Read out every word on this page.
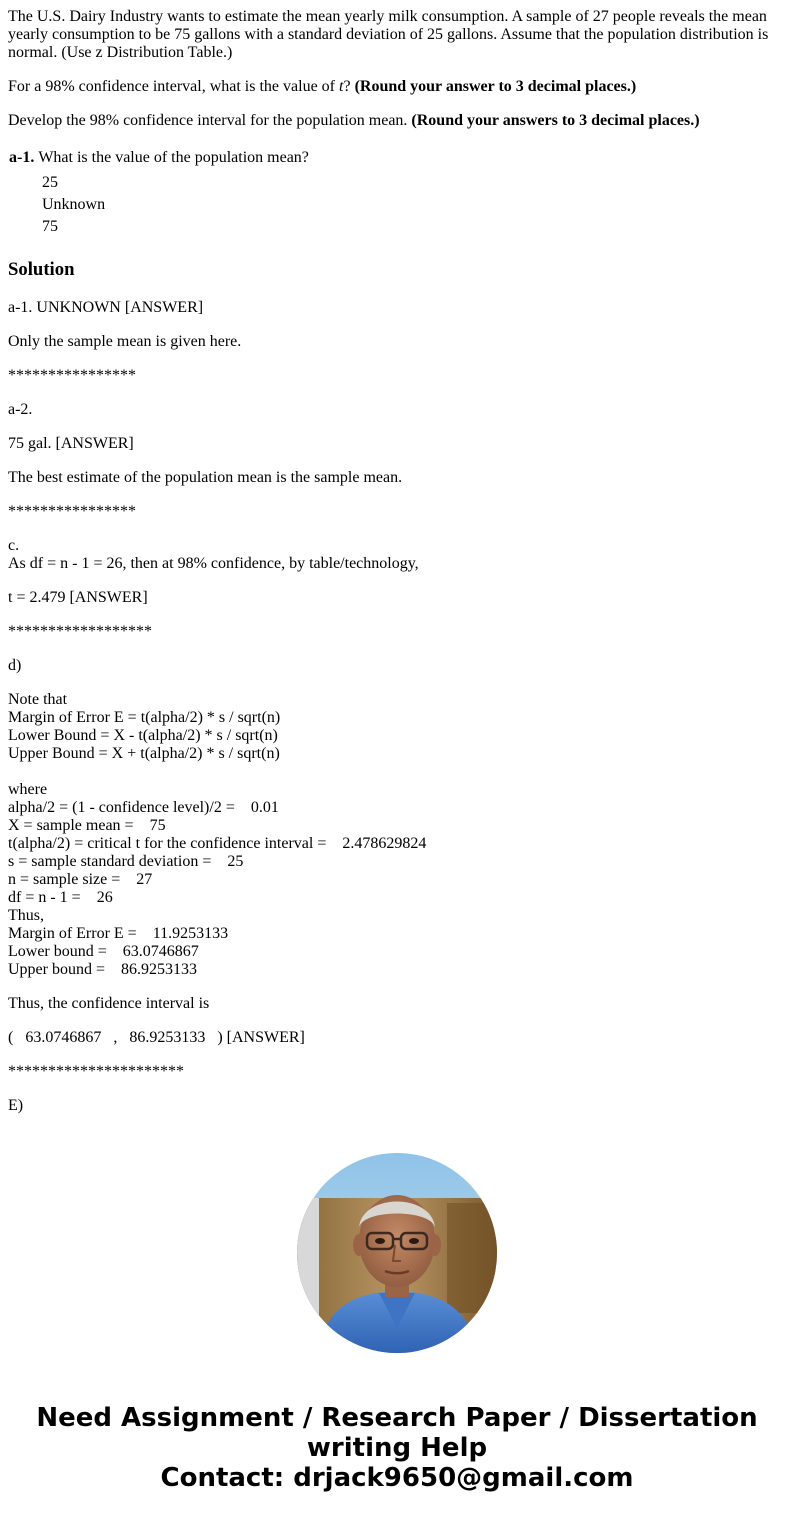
The U.S. Dairy Industry wants to estimate the mean yearly milk consumption. A sample of 27 people reveals the mean yearly consumption to be 75 gallons with a standard deviation of 25 gallons. Assume that the population distribution is normal. (Use z Distribution Table.)

For a 98% confidence interval, what is the value of t? (Round your answer to 3 decimal places.)

Develop the 98% confidence interval for the population mean. (Round your answers to 3 decimal places.)

a-1.	What is the value of the population mean?
25
Unknown
75
Solution

a-1. UNKNOWN [ANSWER]

Only the sample mean is given here.

****************

a-2.

75 gal. [ANSWER]

The best estimate of the population mean is the sample mean.

****************

c.
As df = n - 1 = 26, then at 98% confidence, by table/technology,

t = 2.479 [ANSWER]

******************

d)

Note that
Margin of Error E = t(alpha/2) * s / sqrt(n)
Lower Bound = X - t(alpha/2) * s / sqrt(n)
Upper Bound = X + t(alpha/2) * s / sqrt(n)

where
alpha/2 = (1 - confidence level)/2 =    0.01
X = sample mean =    75
t(alpha/2) = critical t for the confidence interval =    2.478629824
s = sample standard deviation =    25
n = sample size =    27
df = n - 1 =    26
Thus,
Margin of Error E =    11.9253133
Lower bound =    63.0746867
Upper bound =    86.9253133

Thus, the confidence interval is

(   63.0746867   ,   86.9253133   ) [ANSWER]

**********************

E)

Need Assignment / Research Paper / Dissertation
writing Help
Contact: drjack9650@gmail.com
